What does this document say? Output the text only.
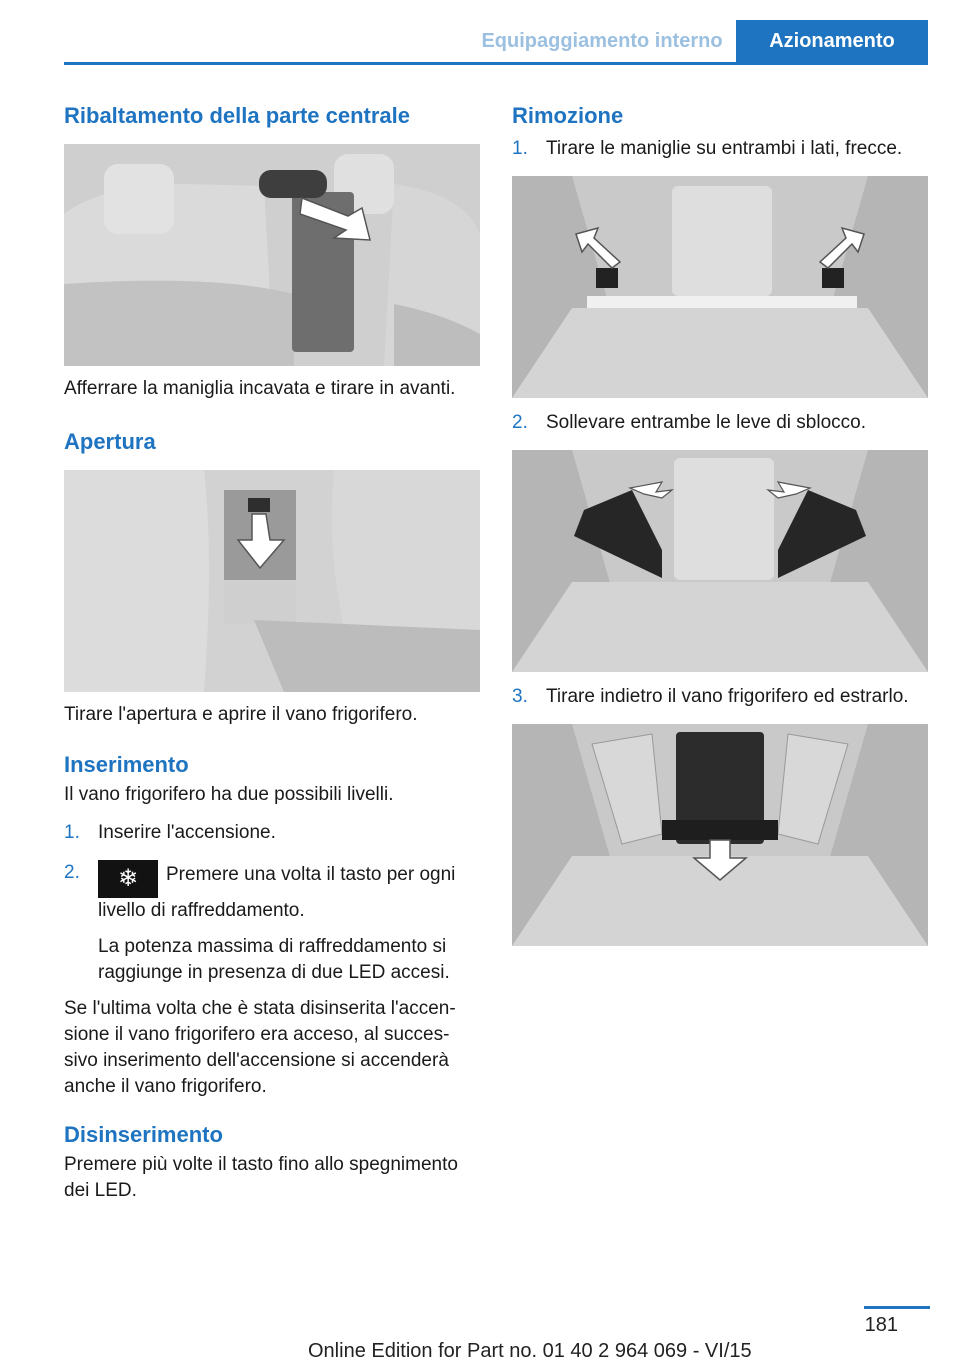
Equipaggiamento interno	Azionamento
Ribaltamento della parte centrale

Afferrare la maniglia incavata e tirare in avanti.

Apertura

Tirare l'apertura e aprire il vano frigorifero.

Inserimento

Il vano frigorifero ha due possibili livelli.

1. Inserire l'accensione.
2. ❄ Premere una volta il tasto per ogni livello di raffreddamento.
La potenza massima di raffreddamento si raggiunge in presenza di due LED accesi.

Se l'ultima volta che è stata disinserita l'accen-sione il vano frigorifero era acceso, al succes-sivo inserimento dell'accensione si accenderà anche il vano frigorifero.

Disinserimento

Premere più volte il tasto fino allo spegnimento dei LED.

Rimozione
1. Tirare le maniglie su entrambi i lati, frecce.
2. Sollevare entrambe le leve di sblocco.
3. Tirare indietro il vano frigorifero ed estrarlo.
181
Online Edition for Part no. 01 40 2 964 069 - VI/15
